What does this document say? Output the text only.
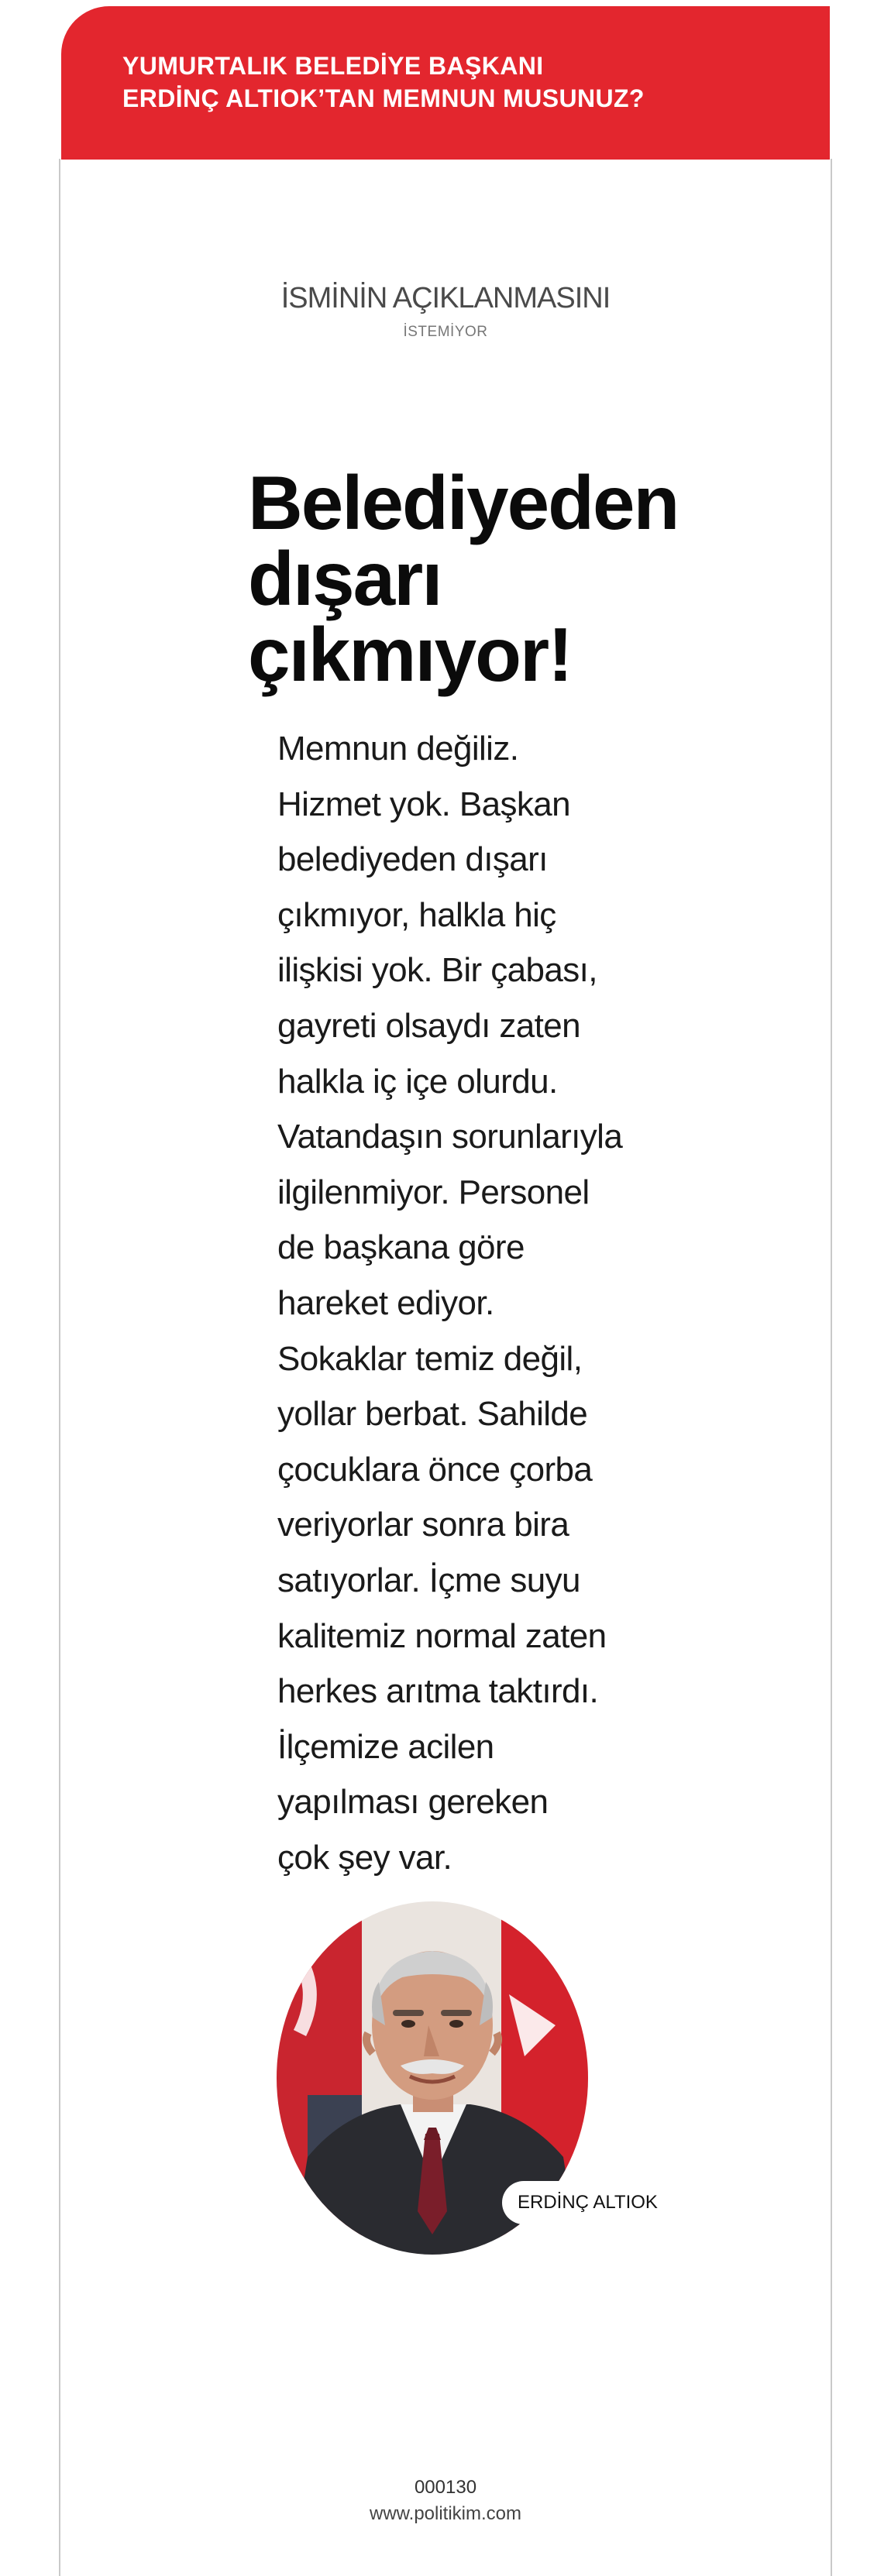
YUMURTALIK BELEDİYE BAŞKANI
ERDİNÇ ALTIOK’TAN MEMNUN MUSUNUZ?
İSMİNİN AÇIKLANMASINI
İSTEMİYOR
Belediyeden
dışarı
çıkmıyor!
Memnun değiliz.
Hizmet yok. Başkan
belediyeden dışarı
çıkmıyor, halkla hiç
ilişkisi yok. Bir çabası,
gayreti olsaydı zaten
halkla iç içe olurdu.
Vatandaşın sorunlarıyla
ilgilenmiyor. Personel
de başkana göre
hareket ediyor.
Sokaklar temiz değil,
yollar berbat. Sahilde
çocuklara önce çorba
veriyorlar sonra bira
satıyorlar. İçme suyu
kalitemiz normal zaten
herkes arıtma taktırdı.
İlçemize acilen
yapılması gereken
çok şey var.
ERDİNÇ ALTIOK
000130
www.politikim.com
